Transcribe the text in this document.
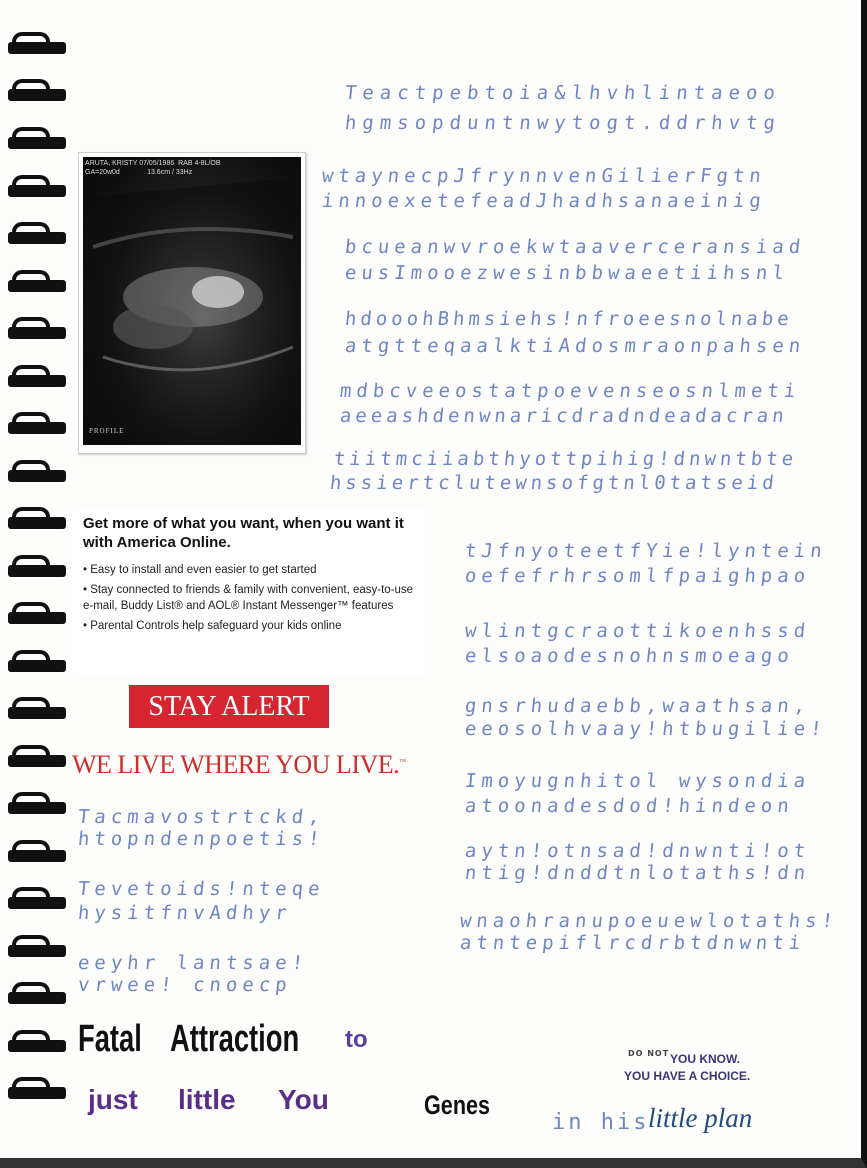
Teactpebtoia&lhvhlintaeoo
hgmsopduntnwytogt.ddrhvtg
wtaynecpJfrynnvenGilierFgtn
innoexetefeadJhadhsanaeinig
bcueanwvroekwtaaverceransiad
eusImooezwesinbbwaeetiihsnl
hdooohBhmsiehs!nfroeesnolnabe
atgtteqaalktiAdosmraonpahsen
mdbcveeostatpoevenseosnlmeti
aeeashdenwnaricdradndeadacran
tiitmciiabthyottpihig!dnwntbte
hssiertclutewnsofgtnl0tatseid
tJfnyoteetfYie!lyntein
oefefrhrsomlfpaighpao
wlintgcraottikoenhssd
elsoaodesnohnsmoeago
gnsrhudaebb,waathsan,
eeosolhvaay!htbugilie!
Imoyugnhitol wysondia
atoonadesdod!hindeon
aytn!otnsad!dnwnti!ot
ntig!dnddtnlotaths!dn
wnaohranupoeuewlotaths!
atntepiflrcdrbtdnwnti
Tacmavostrtckd,
htopndenpoetis!
Tevetoids!nteqe
hysitfnvAdhyr
eeyhr lantsae!
vrwee! cnoecp
ARUTA, KRISTY 07/05/1986 RAB 4-8L/OB
GA=20w0d	13.6cm / 33Hz
PROFILE
Get more of what you want, when you want it with America Online.
• Easy to install and even easier to get started
• Stay connected to friends & family with convenient, easy-to-use e-mail, Buddy List® and AOL® Instant Messenger™ features
• Parental Controls help safeguard your kids online
STAY ALERT
WE LIVE WHERE YOU LIVE.™
Fatal Attraction to
just little You	Genes
DO NOT YOU KNOW.
YOU HAVE A CHOICE.
in his
little plan
